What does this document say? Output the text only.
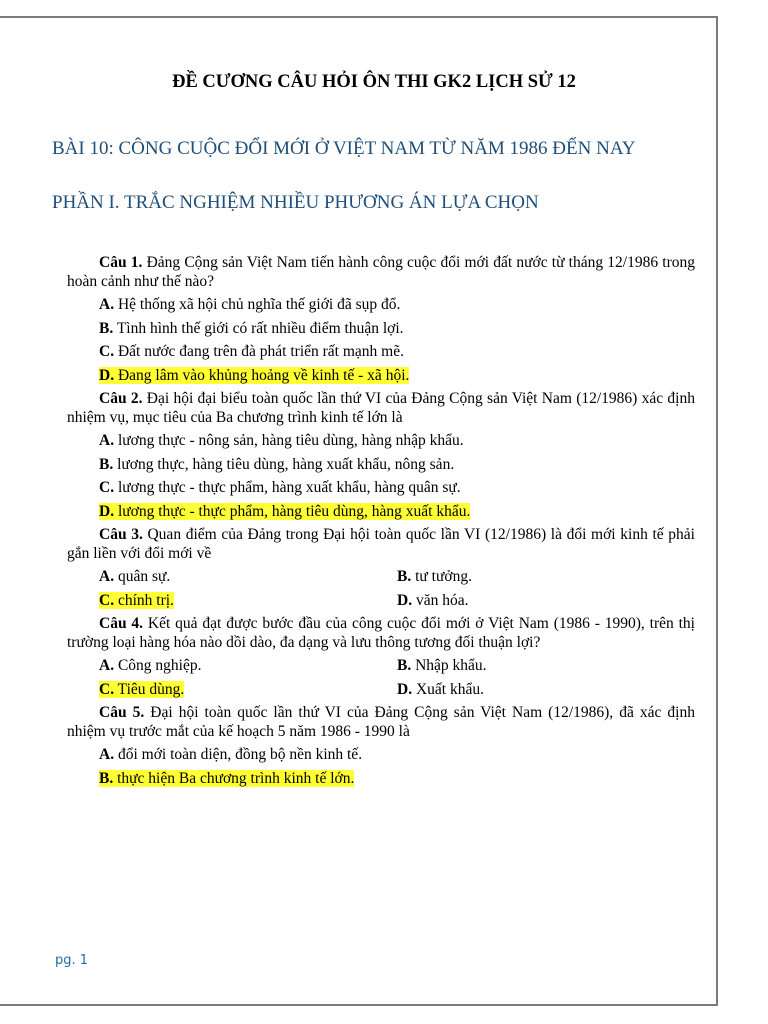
ĐỀ CƯƠNG CÂU HỎI ÔN THI GK2 LỊCH SỬ 12
BÀI 10: CÔNG CUỘC ĐỔI MỚI Ở VIỆT NAM TỪ NĂM 1986 ĐẾN NAY
PHẦN I. TRẮC NGHIỆM NHIỀU PHƯƠNG ÁN LỰA CHỌN

Câu 1. Đảng Cộng sản Việt Nam tiến hành công cuộc đổi mới đất nước từ tháng 12/1986 trong hoàn cảnh như thế nào?

A. Hệ thống xã hội chủ nghĩa thế giới đã sụp đổ.
B. Tình hình thế giới có rất nhiều điểm thuận lợi.
C. Đất nước đang trên đà phát triển rất mạnh mẽ.
D. Đang lâm vào khủng hoảng về kinh tế - xã hội.

Câu 2. Đại hội đại biểu toàn quốc lần thứ VI của Đảng Cộng sản Việt Nam (12/1986) xác định nhiệm vụ, mục tiêu của Ba chương trình kinh tế lớn là

A. lương thực - nông sản, hàng tiêu dùng, hàng nhập khẩu.
B. lương thực, hàng tiêu dùng, hàng xuất khẩu, nông sản.
C. lương thực - thực phẩm, hàng xuất khẩu, hàng quân sự.
D. lương thực - thực phẩm, hàng tiêu dùng, hàng xuất khẩu.

Câu 3. Quan điểm của Đảng trong Đại hội toàn quốc lần VI (12/1986) là đổi mới kinh tế phải gắn liền với đổi mới về

A. quân sự.	B. tư tưởng.
C. chính trị.	D. văn hóa.

Câu 4. Kết quả đạt được bước đầu của công cuộc đổi mới ở Việt Nam (1986 - 1990), trên thị trường loại hàng hóa nào dồi dào, đa dạng và lưu thông tương đối thuận lợi?

A. Công nghiệp.	B. Nhập khẩu.
C. Tiêu dùng.	D. Xuất khẩu.

Câu 5. Đại hội toàn quốc lần thứ VI của Đảng Cộng sản Việt Nam (12/1986), đã xác định nhiệm vụ trước mắt của kế hoạch 5 năm 1986 - 1990 là

A. đổi mới toàn diện, đồng bộ nền kinh tế.
B. thực hiện Ba chương trình kinh tế lớn.
pg. 1
